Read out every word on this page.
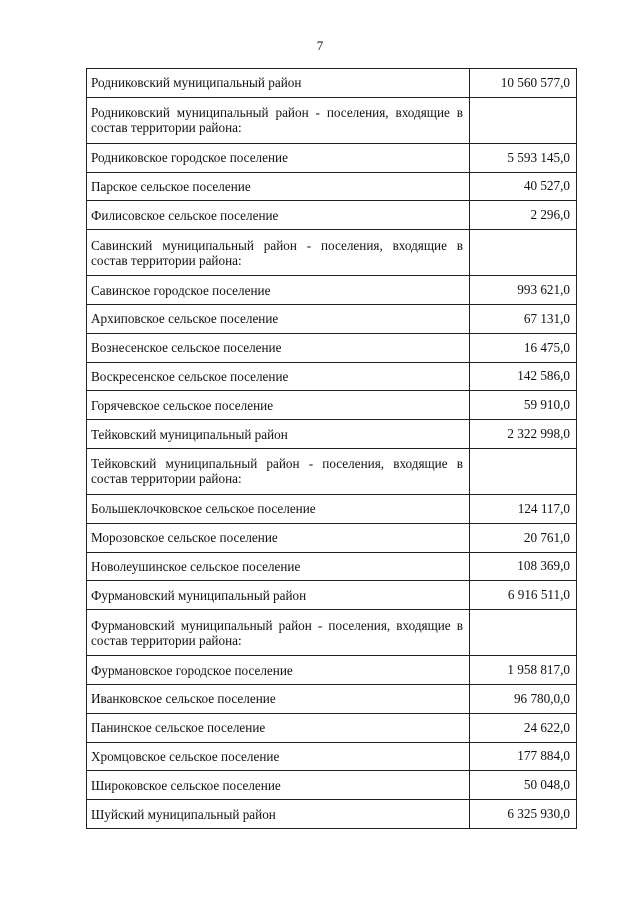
7
Родниковский муниципальный район	10 560 577,0
Родниковский муниципальный район - поселения, входящие в состав территории района:	
Родниковское городское поселение	5 593 145,0
Парское сельское поселение	40 527,0
Филисовское сельское поселение	2 296,0
Савинский муниципальный район - поселения, входящие в состав территории района:	
Савинское городское поселение	993 621,0
Архиповское сельское поселение	67 131,0
Вознесенское сельское поселение	16 475,0
Воскресенское сельское поселение	142 586,0
Горячевское сельское поселение	59 910,0
Тейковский муниципальный район	2 322 998,0
Тейковский муниципальный район - поселения, входящие в состав территории района:	
Большеклочковское сельское поселение	124 117,0
Морозовское сельское поселение	20 761,0
Новолеушинское сельское поселение	108 369,0
Фурмановский муниципальный район	6 916 511,0
Фурмановский муниципальный район - поселения, входящие в состав территории района:	
Фурмановское городское поселение	1 958 817,0
Иванковское сельское поселение	96 780,0,0
Панинское сельское поселение	24 622,0
Хромцовское сельское поселение	177 884,0
Широковское сельское поселение	50 048,0
Шуйский муниципальный район	6 325 930,0
